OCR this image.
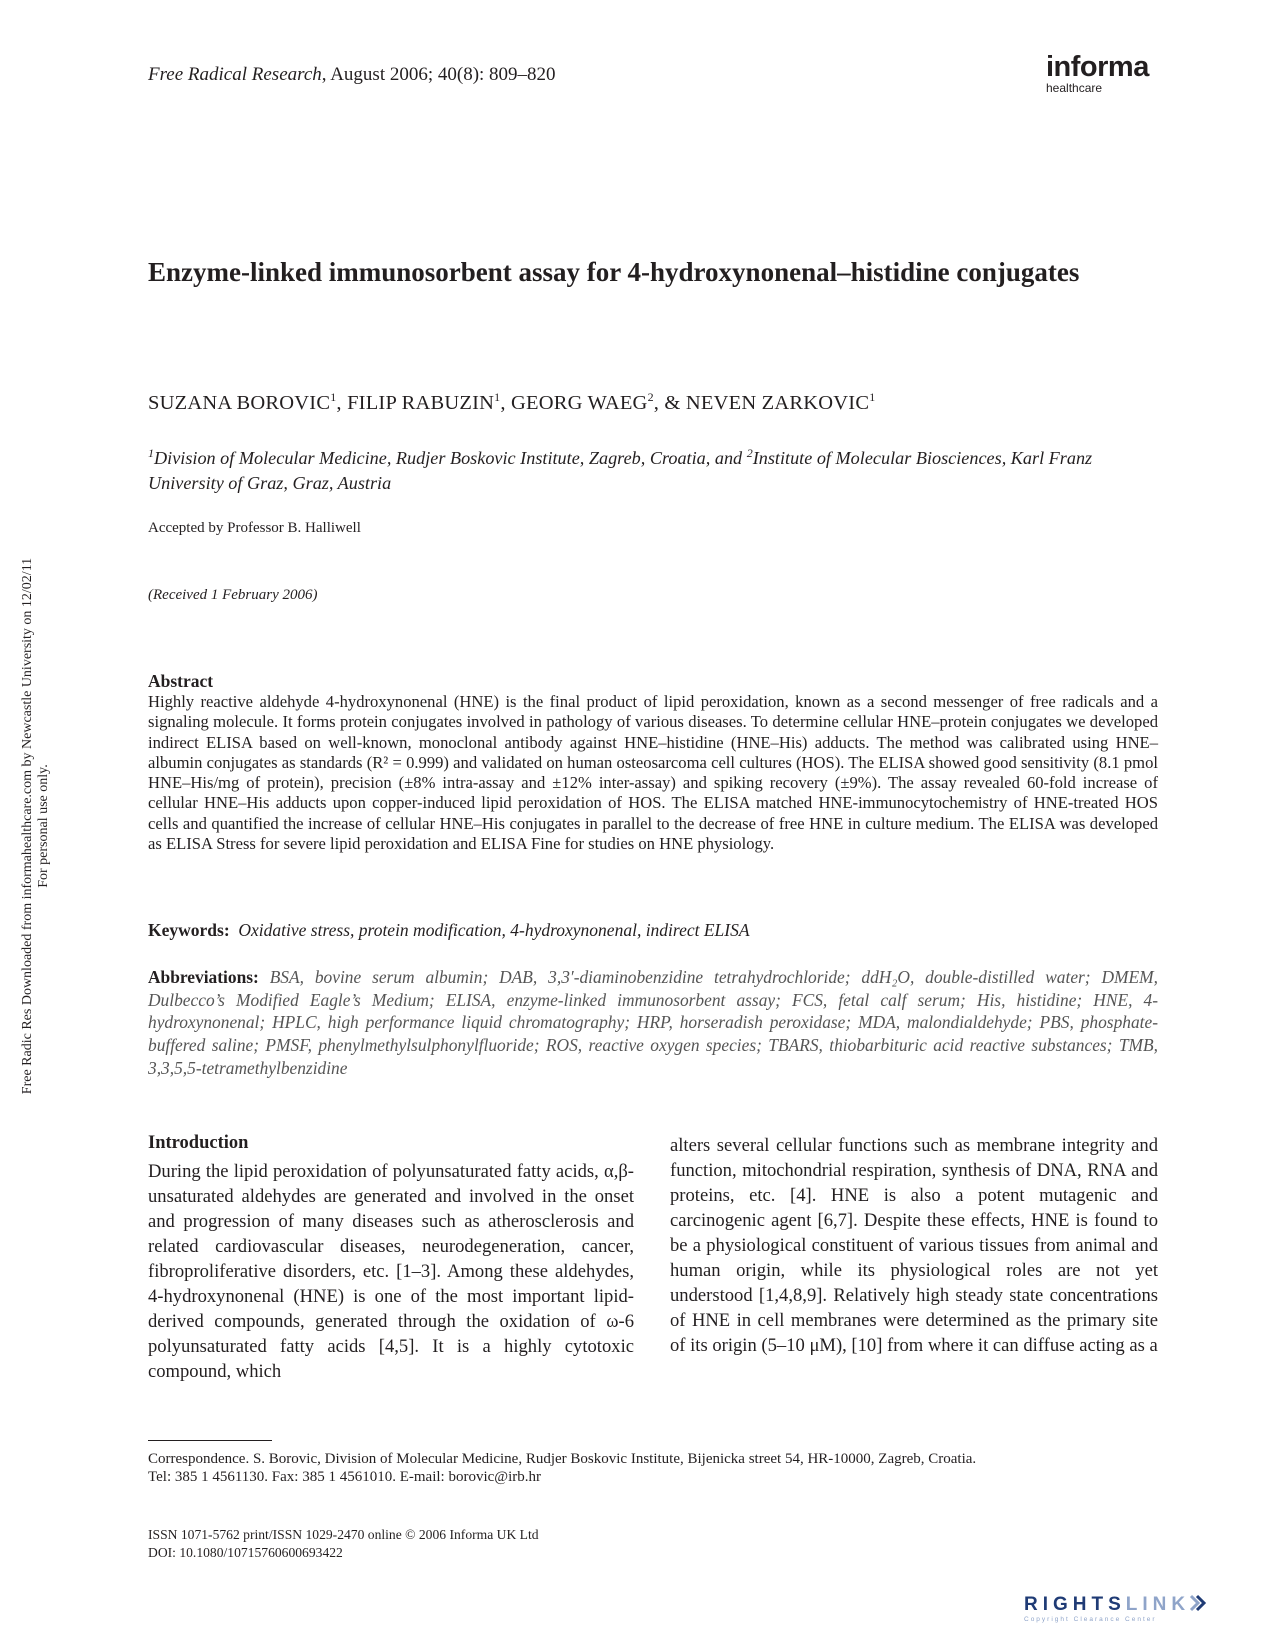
Free Radical Research, August 2006; 40(8): 809–820	informa
healthcare
Enzyme-linked immunosorbent assay for 4-hydroxynonenal–histidine conjugates
SUZANA BOROVIC$^1$, FILIP RABUZIN$^1$, GEORG WAEG$^2$, & NEVEN ZARKOVIC$^1$
$^1$Division of Molecular Medicine, Rudjer Boskovic Institute, Zagreb, Croatia, and $^2$Institute of Molecular Biosciences, Karl Franz University of Graz, Graz, Austria
Accepted by Professor B. Halliwell
(Received 1 February 2006)
Abstract
Highly reactive aldehyde 4-hydroxynonenal (HNE) is the final product of lipid peroxidation, known as a second messenger of free radicals and a signaling molecule. It forms protein conjugates involved in pathology of various diseases. To determine cellular HNE–protein conjugates we developed indirect ELISA based on well-known, monoclonal antibody against HNE–histidine (HNE–His) adducts. The method was calibrated using HNE–albumin conjugates as standards (R² = 0.999) and validated on human osteosarcoma cell cultures (HOS). The ELISA showed good sensitivity (8.1 pmol HNE–His/mg of protein), precision (±8% intra-assay and ±12% inter-assay) and spiking recovery (±9%). The assay revealed 60-fold increase of cellular HNE–His adducts upon copper-induced lipid peroxidation of HOS. The ELISA matched HNE-immunocytochemistry of HNE-treated HOS cells and quantified the increase of cellular HNE–His conjugates in parallel to the decrease of free HNE in culture medium. The ELISA was developed as ELISA Stress for severe lipid peroxidation and ELISA Fine for studies on HNE physiology.
Keywords: Oxidative stress, protein modification, 4-hydroxynonenal, indirect ELISA
Abbreviations: BSA, bovine serum albumin; DAB, 3,3′-diaminobenzidine tetrahydrochloride; ddH₂O, double-distilled water; DMEM, Dulbecco’s Modified Eagle’s Medium; ELISA, enzyme-linked immunosorbent assay; FCS, fetal calf serum; His, histidine; HNE, 4-hydroxynonenal; HPLC, high performance liquid chromatography; HRP, horseradish peroxidase; MDA, malondialdehyde; PBS, phosphate-buffered saline; PMSF, phenylmethylsulphonylfluoride; ROS, reactive oxygen species; TBARS, thiobarbituric acid reactive substances; TMB, 3,3,5,5-tetramethylbenzidine
Introduction
During the lipid peroxidation of polyunsaturated fatty acids, α,β-unsaturated aldehydes are generated and involved in the onset and progression of many diseases such as atherosclerosis and related cardiovascular diseases, neurodegeneration, cancer, fibroproliferative disorders, etc. [1–3]. Among these aldehydes, 4-hydroxynonenal (HNE) is one of the most important lipid-derived compounds, generated through the oxidation of ω-6 polyunsaturated fatty acids [4,5]. It is a highly cytotoxic compound, which
alters several cellular functions such as membrane integrity and function, mitochondrial respiration, synthesis of DNA, RNA and proteins, etc. [4]. HNE is also a potent mutagenic and carcinogenic agent [6,7]. Despite these effects, HNE is found to be a physiological constituent of various tissues from animal and human origin, while its physiological roles are not yet understood [1,4,8,9]. Relatively high steady state concentrations of HNE in cell membranes were determined as the primary site of its origin (5–10 μM), [10] from where it can diffuse acting as a
Correspondence. S. Borovic, Division of Molecular Medicine, Rudjer Boskovic Institute, Bijenicka street 54, HR-10000, Zagreb, Croatia.
Tel: 385 1 4561130. Fax: 385 1 4561010. E-mail: borovic@irb.hr
ISSN 1071-5762 print/ISSN 1029-2470 online © 2006 Informa UK Ltd
DOI: 10.1080/10715760600693422
Free Radic Res Downloaded from informahealthcare.com by Newcastle University on 12/02/11 For personal use only.
RIGHTSLINK
Copyright Clearance Center
